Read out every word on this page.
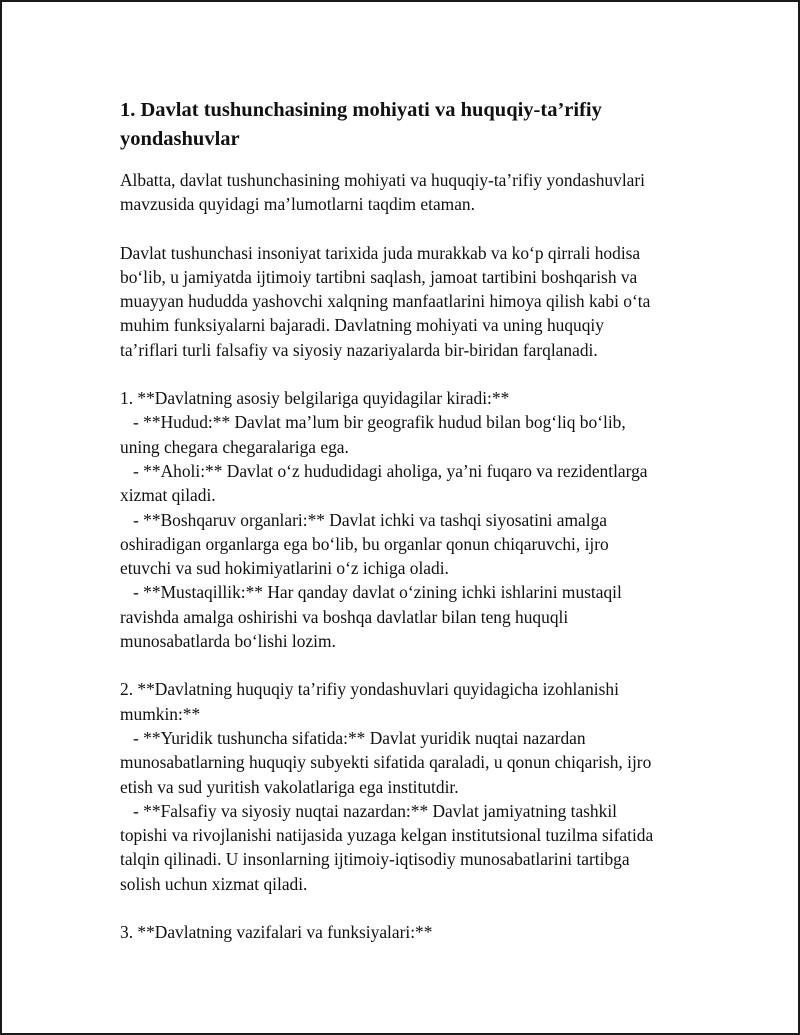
1. Davlat tushunchasining mohiyati va huquqiy-ta’rifiy yondashuvlar

Albatta, davlat tushunchasining mohiyati va huquqiy-ta’rifiy yondashuvlari
mavzusida quyidagi ma’lumotlarni taqdim etaman.

Davlat tushunchasi insoniyat tarixida juda murakkab va ko‘p qirrali hodisa
bo‘lib, u jamiyatda ijtimoiy tartibni saqlash, jamoat tartibini boshqarish va
muayyan hududda yashovchi xalqning manfaatlarini himoya qilish kabi o‘ta
muhim funksiyalarni bajaradi. Davlatning mohiyati va uning huquqiy
ta’riflari turli falsafiy va siyosiy nazariyalarda bir-biridan farqlanadi.

1. **Davlatning asosiy belgilariga quyidagilar kiradi:**
- **Hudud:** Davlat ma’lum bir geografik hudud bilan bog‘liq bo‘lib,
uning chegara chegaralariga ega.
- **Aholi:** Davlat o‘z hududidagi aholiga, ya’ni fuqaro va rezidentlarga
xizmat qiladi.
- **Boshqaruv organlari:** Davlat ichki va tashqi siyosatini amalga
oshiradigan organlarga ega bo‘lib, bu organlar qonun chiqaruvchi, ijro
etuvchi va sud hokimiyatlarini o‘z ichiga oladi.
- **Mustaqillik:** Har qanday davlat o‘zining ichki ishlarini mustaqil
ravishda amalga oshirishi va boshqa davlatlar bilan teng huquqli
munosabatlarda bo‘lishi lozim.

2. **Davlatning huquqiy ta’rifiy yondashuvlari quyidagicha izohlanishi
mumkin:**
- **Yuridik tushuncha sifatida:** Davlat yuridik nuqtai nazardan
munosabatlarning huquqiy subyekti sifatida qaraladi, u qonun chiqarish, ijro
etish va sud yuritish vakolatlariga ega institutdir.
- **Falsafiy va siyosiy nuqtai nazardan:** Davlat jamiyatning tashkil
topishi va rivojlanishi natijasida yuzaga kelgan institutsional tuzilma sifatida
talqin qilinadi. U insonlarning ijtimoiy-iqtisodiy munosabatlarini tartibga
solish uchun xizmat qiladi.

3. **Davlatning vazifalari va funksiyalari:**
